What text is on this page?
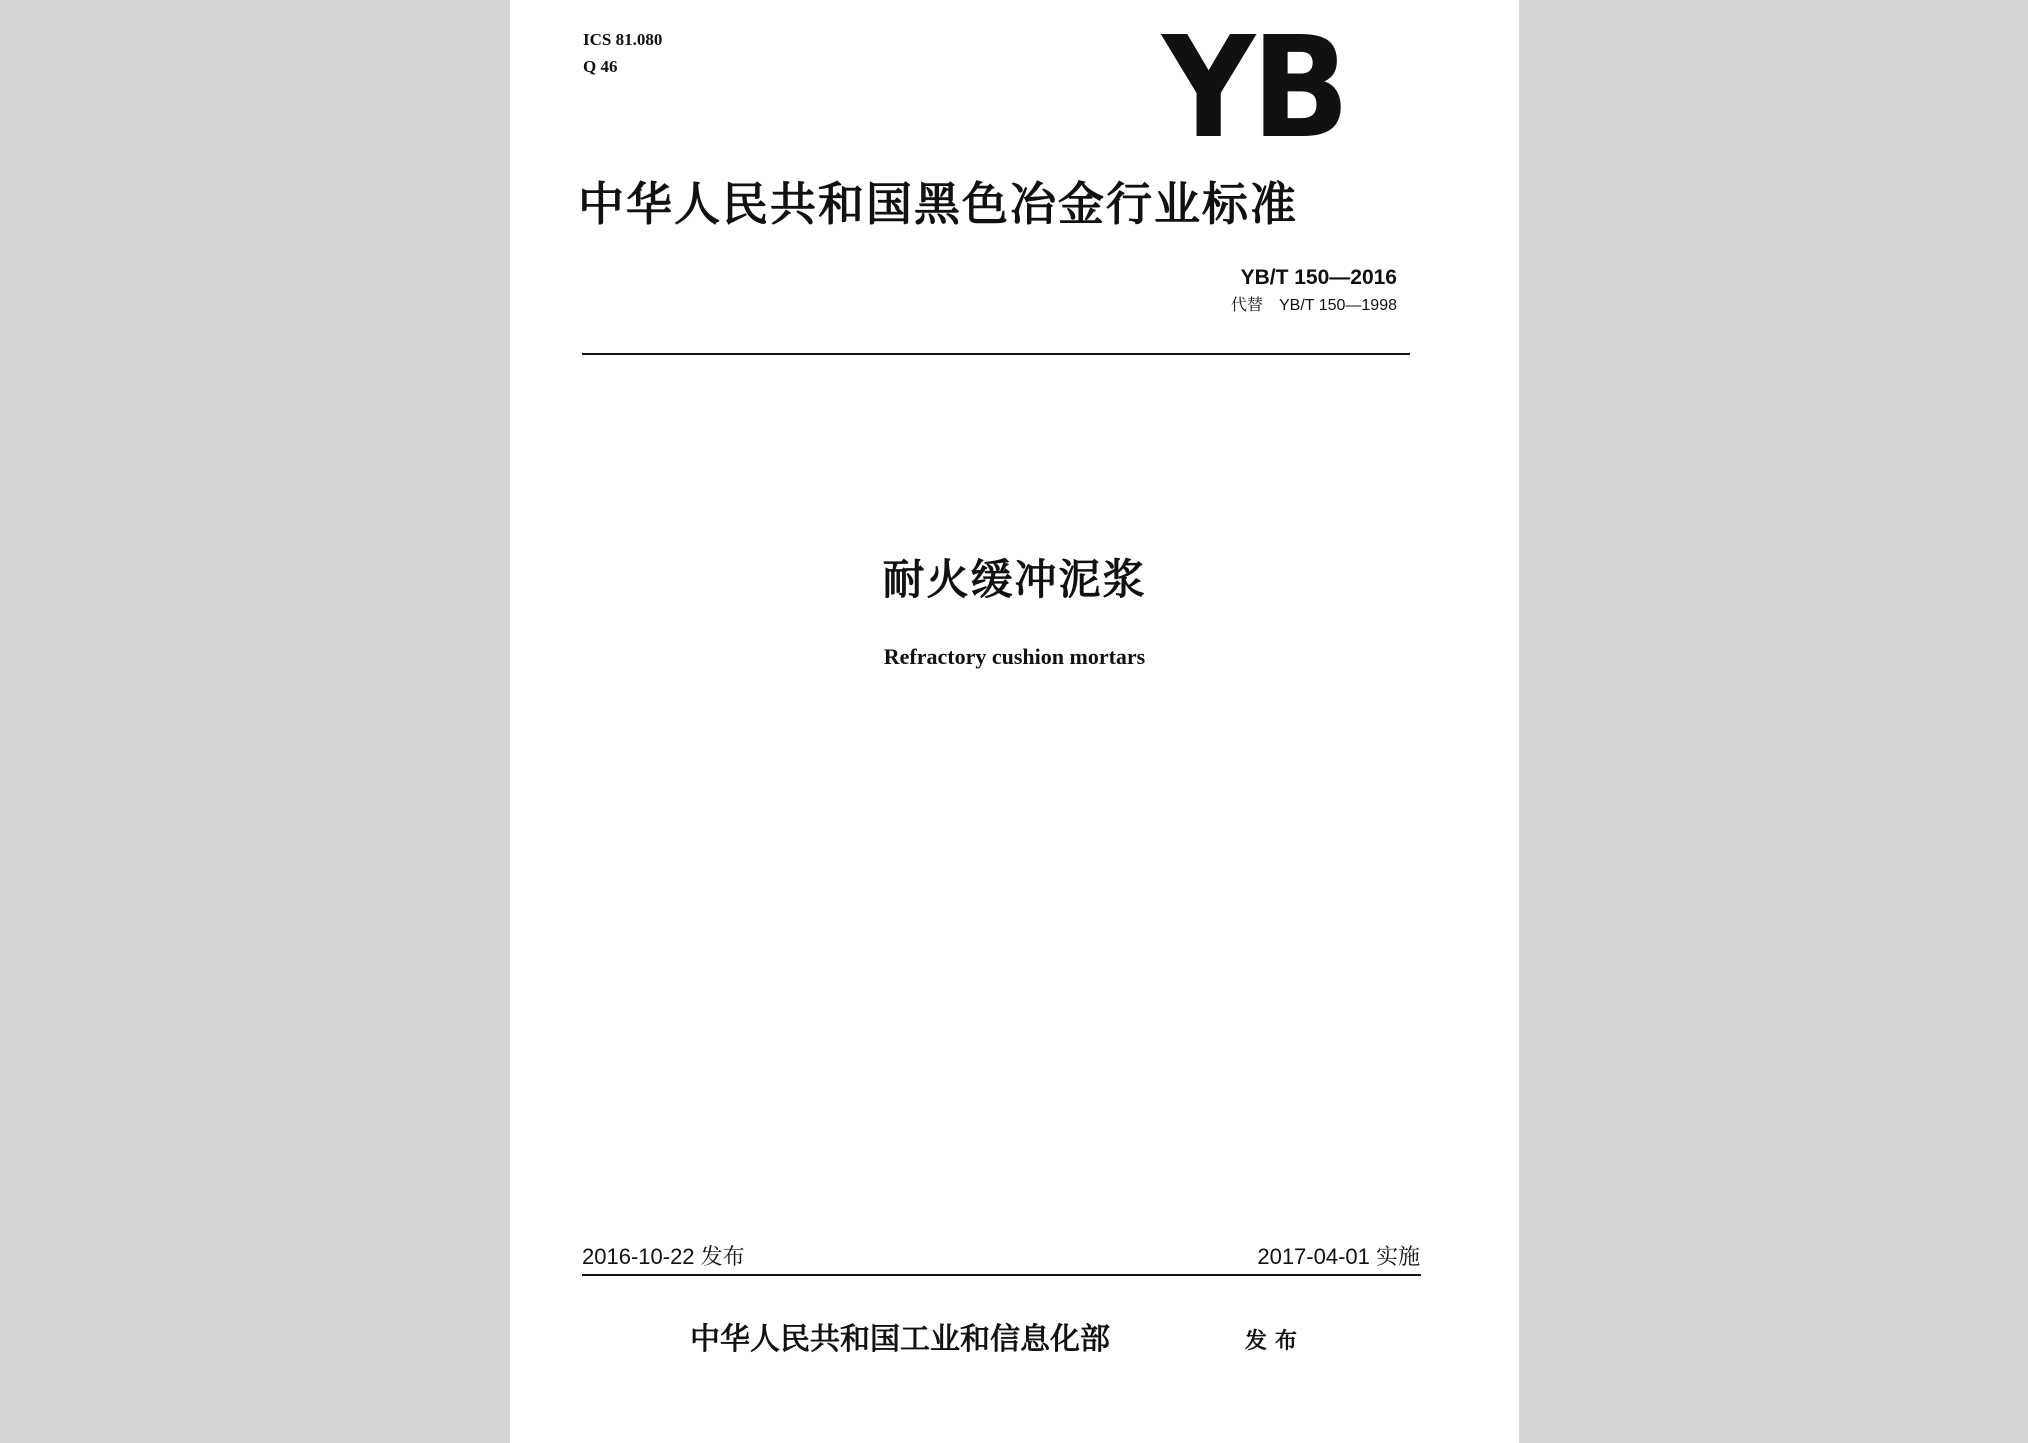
ICS 81.080
Q 46	YB
中华人民共和国黑色冶金行业标准
YB/T 150—2016
代替 YB/T 150—1998
耐火缓冲泥浆
Refractory cushion mortars
2016-10-22 发布	2017-04-01 实施
中华人民共和国工业和信息化部	发布
